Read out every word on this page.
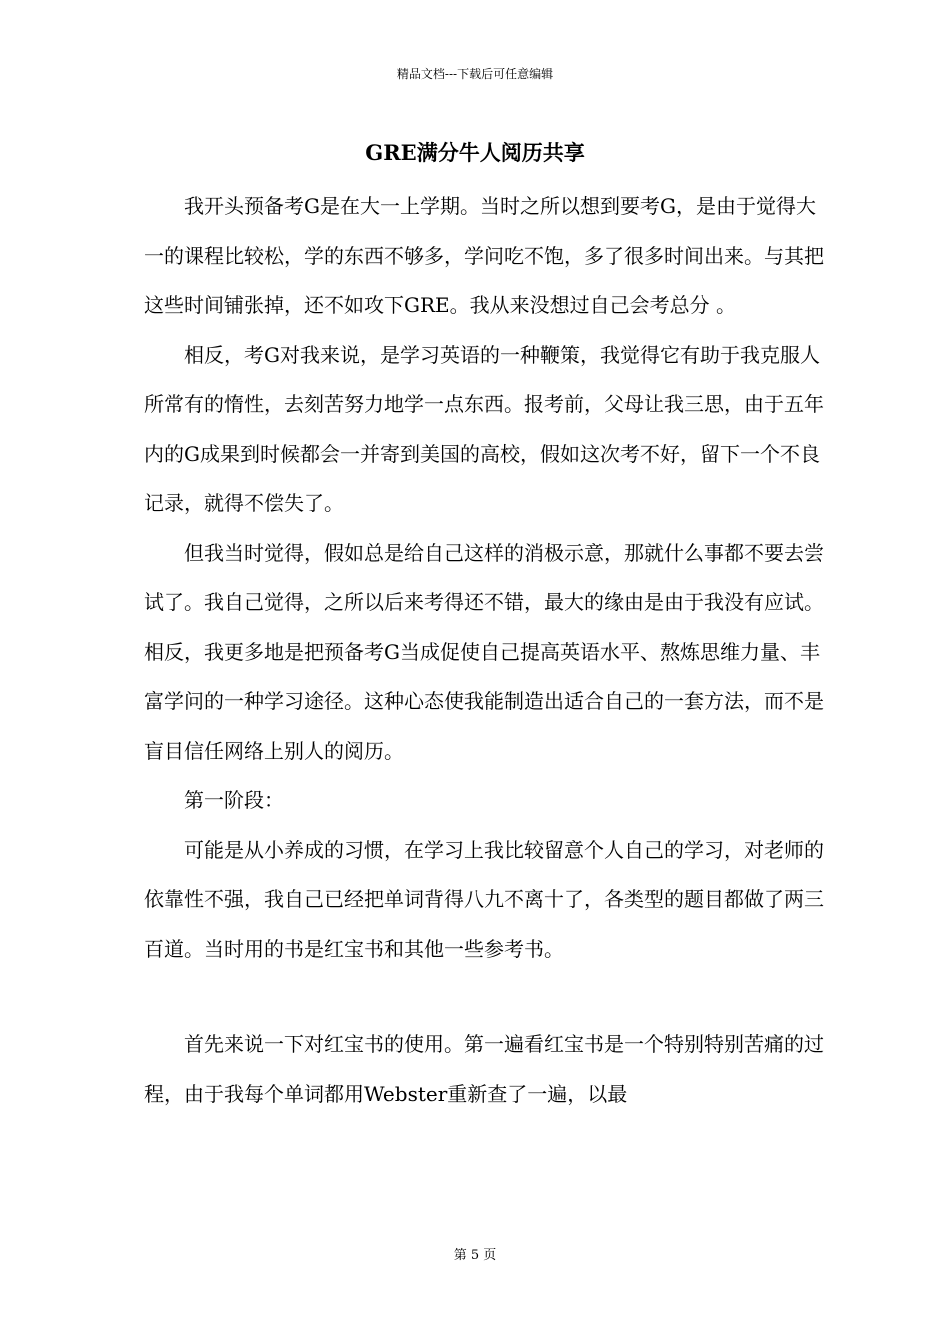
精品文档---下载后可任意编辑
GRE满分牛人阅历共享

我开头预备考G是在大一上学期。当时之所以想到要考G，是由于觉得大一的课程比较松，学的东西不够多，学问吃不饱，多了很多时间出来。与其把这些时间铺张掉，还不如攻下GRE。我从来没想过自己会考总分 。

相反，考G对我来说，是学习英语的一种鞭策，我觉得它有助于我克服人所常有的惰性，去刻苦努力地学一点东西。报考前，父母让我三思，由于五年内的G成果到时候都会一并寄到美国的高校，假如这次考不好，留下一个不良记录，就得不偿失了。

但我当时觉得，假如总是给自己这样的消极示意，那就什么事都不要去尝试了。我自己觉得，之所以后来考得还不错，最大的缘由是由于我没有应试。相反，我更多地是把预备考G当成促使自己提高英语水平、熬炼思维力量、丰富学问的一种学习途径。这种心态使我能制造出适合自己的一套方法，而不是盲目信任网络上别人的阅历。

第一阶段：

可能是从小养成的习惯，在学习上我比较留意个人自己的学习，对老师的依靠性不强，我自己已经把单词背得八九不离十了，各类型的题目都做了两三百道。当时用的书是红宝书和其他一些参考书。

首先来说一下对红宝书的使用。第一遍看红宝书是一个特别特别苦痛的过程，由于我每个单词都用Webster重新查了一遍，以最

第 5 页
